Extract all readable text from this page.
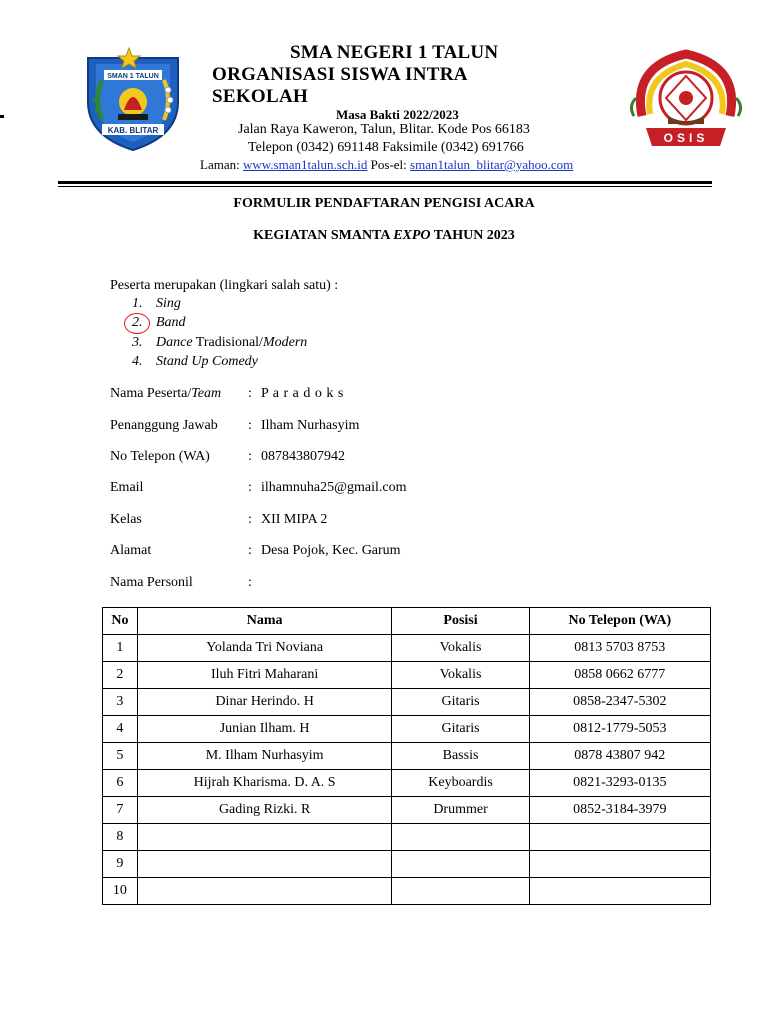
SMAN 1 TALUN
KAB. BLITAR
OSIS
SMA NEGERI 1 TALUN
ORGANISASI SISWA INTRA SEKOLAH
Masa Bakti 2022/2023
Jalan Raya Kaweron, Talun, Blitar. Kode Pos 66183
Telepon (0342) 691148 Faksimile (0342) 691766
Laman: www.sman1talun.sch.id Pos-el: sman1talun_blitar@yahoo.com
FORMULIR PENDAFTARAN PENGISI ACARA
KEGIATAN SMANTA EXPO TAHUN 2023
Peserta merupakan (lingkari salah satu) :
1. Sing
2. Band
3. Dance Tradisional/Modern
4. Stand Up Comedy
Nama Peserta/Team : P a r a d o k s
Penanggung Jawab : Ilham Nurhasyim
No Telepon (WA)	: 087843807942
Email	: ilhamnuha25@gmail.com
Kelas	: XII MIPA 2
Alamat	: Desa Pojok, Kec. Garum
Nama Personil	:
No	Nama	Posisi	No Telepon (WA)
1	Yolanda Tri Noviana	Vokalis	0813 5703 8753
2	Iluh Fitri Maharani	Vokalis	0858 0662 6777
3	Dinar Herindo. H	Gitaris	0858-2347-5302
4	Junian Ilham. H	Gitaris	0812-1779-5053
5	M. Ilham Nurhasyim	Bassis	0878 43807 942
6	Hijrah Kharisma. D. A. S	Keyboardis	0821-3293-0135
7	Gading Rizki. R	Drummer	0852-3184-3979
8			
9			
10			
